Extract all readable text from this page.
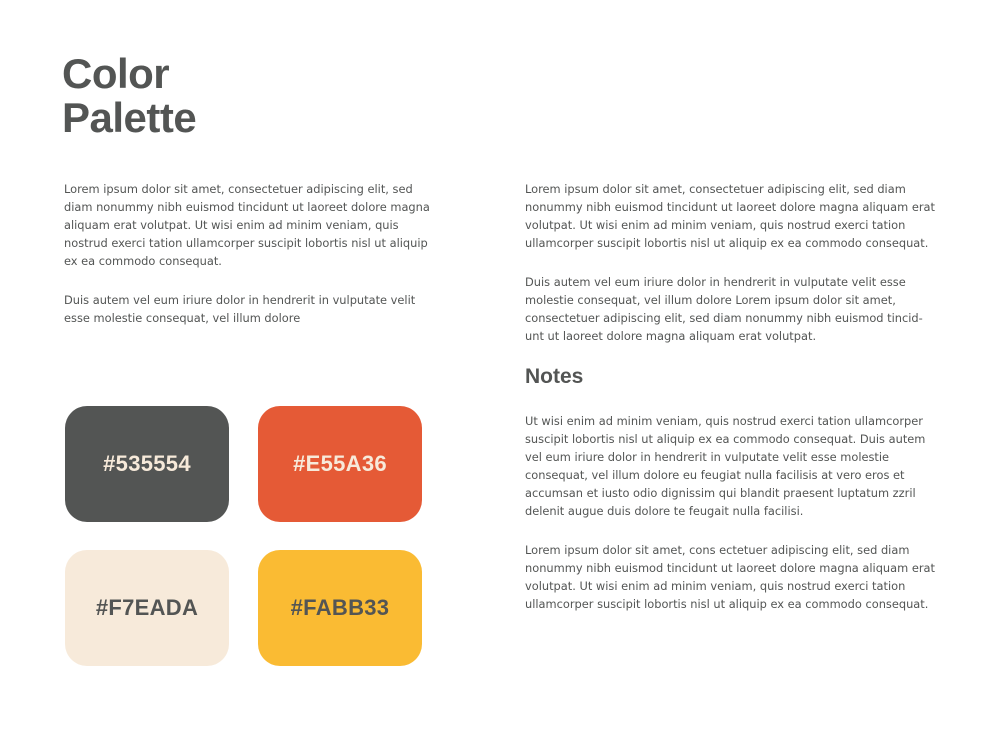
Color
Palette

Lorem ipsum dolor sit amet, consectetuer adipiscing elit, sed diam nonummy nibh euismod tincidunt ut laoreet dolore magna aliquam erat volutpat. Ut wisi enim ad minim veniam, quis nostrud exerci tation ullamcorper suscipit lobortis nisl ut aliquip ex ea commodo consequat.

Duis autem vel eum iriure dolor in hendrerit in vulputate velit esse molestie consequat, vel illum dolore

#535554	#E55A36
#F7EADA	#FABB33

Lorem ipsum dolor sit amet, consectetuer adipiscing elit, sed diam nonummy nibh euismod tincidunt ut laoreet dolore magna aliquam erat volutpat. Ut wisi enim ad minim veniam, quis nostrud exerci tation ullamcorper suscipit lobortis nisl ut aliquip ex ea commodo consequat.

Duis autem vel eum iriure dolor in hendrerit in vulputate velit esse molestie consequat, vel illum dolore Lorem ipsum dolor sit amet, consectetuer adipiscing elit, sed diam nonummy nibh euismod tincid-unt ut laoreet dolore magna aliquam erat volutpat.

Notes

Ut wisi enim ad minim veniam, quis nostrud exerci tation ullamcorper suscipit lobortis nisl ut aliquip ex ea commodo consequat. Duis autem vel eum iriure dolor in hendrerit in vulputate velit esse molestie consequat, vel illum dolore eu feugiat nulla facilisis at vero eros et accumsan et iusto odio dignissim qui blandit praesent luptatum zzril delenit augue duis dolore te feugait nulla facilisi.

Lorem ipsum dolor sit amet, cons ectetuer adipiscing elit, sed diam nonummy nibh euismod tincidunt ut laoreet dolore magna aliquam erat volutpat. Ut wisi enim ad minim veniam, quis nostrud exerci tation ullamcorper suscipit lobortis nisl ut aliquip ex ea commodo consequat.
